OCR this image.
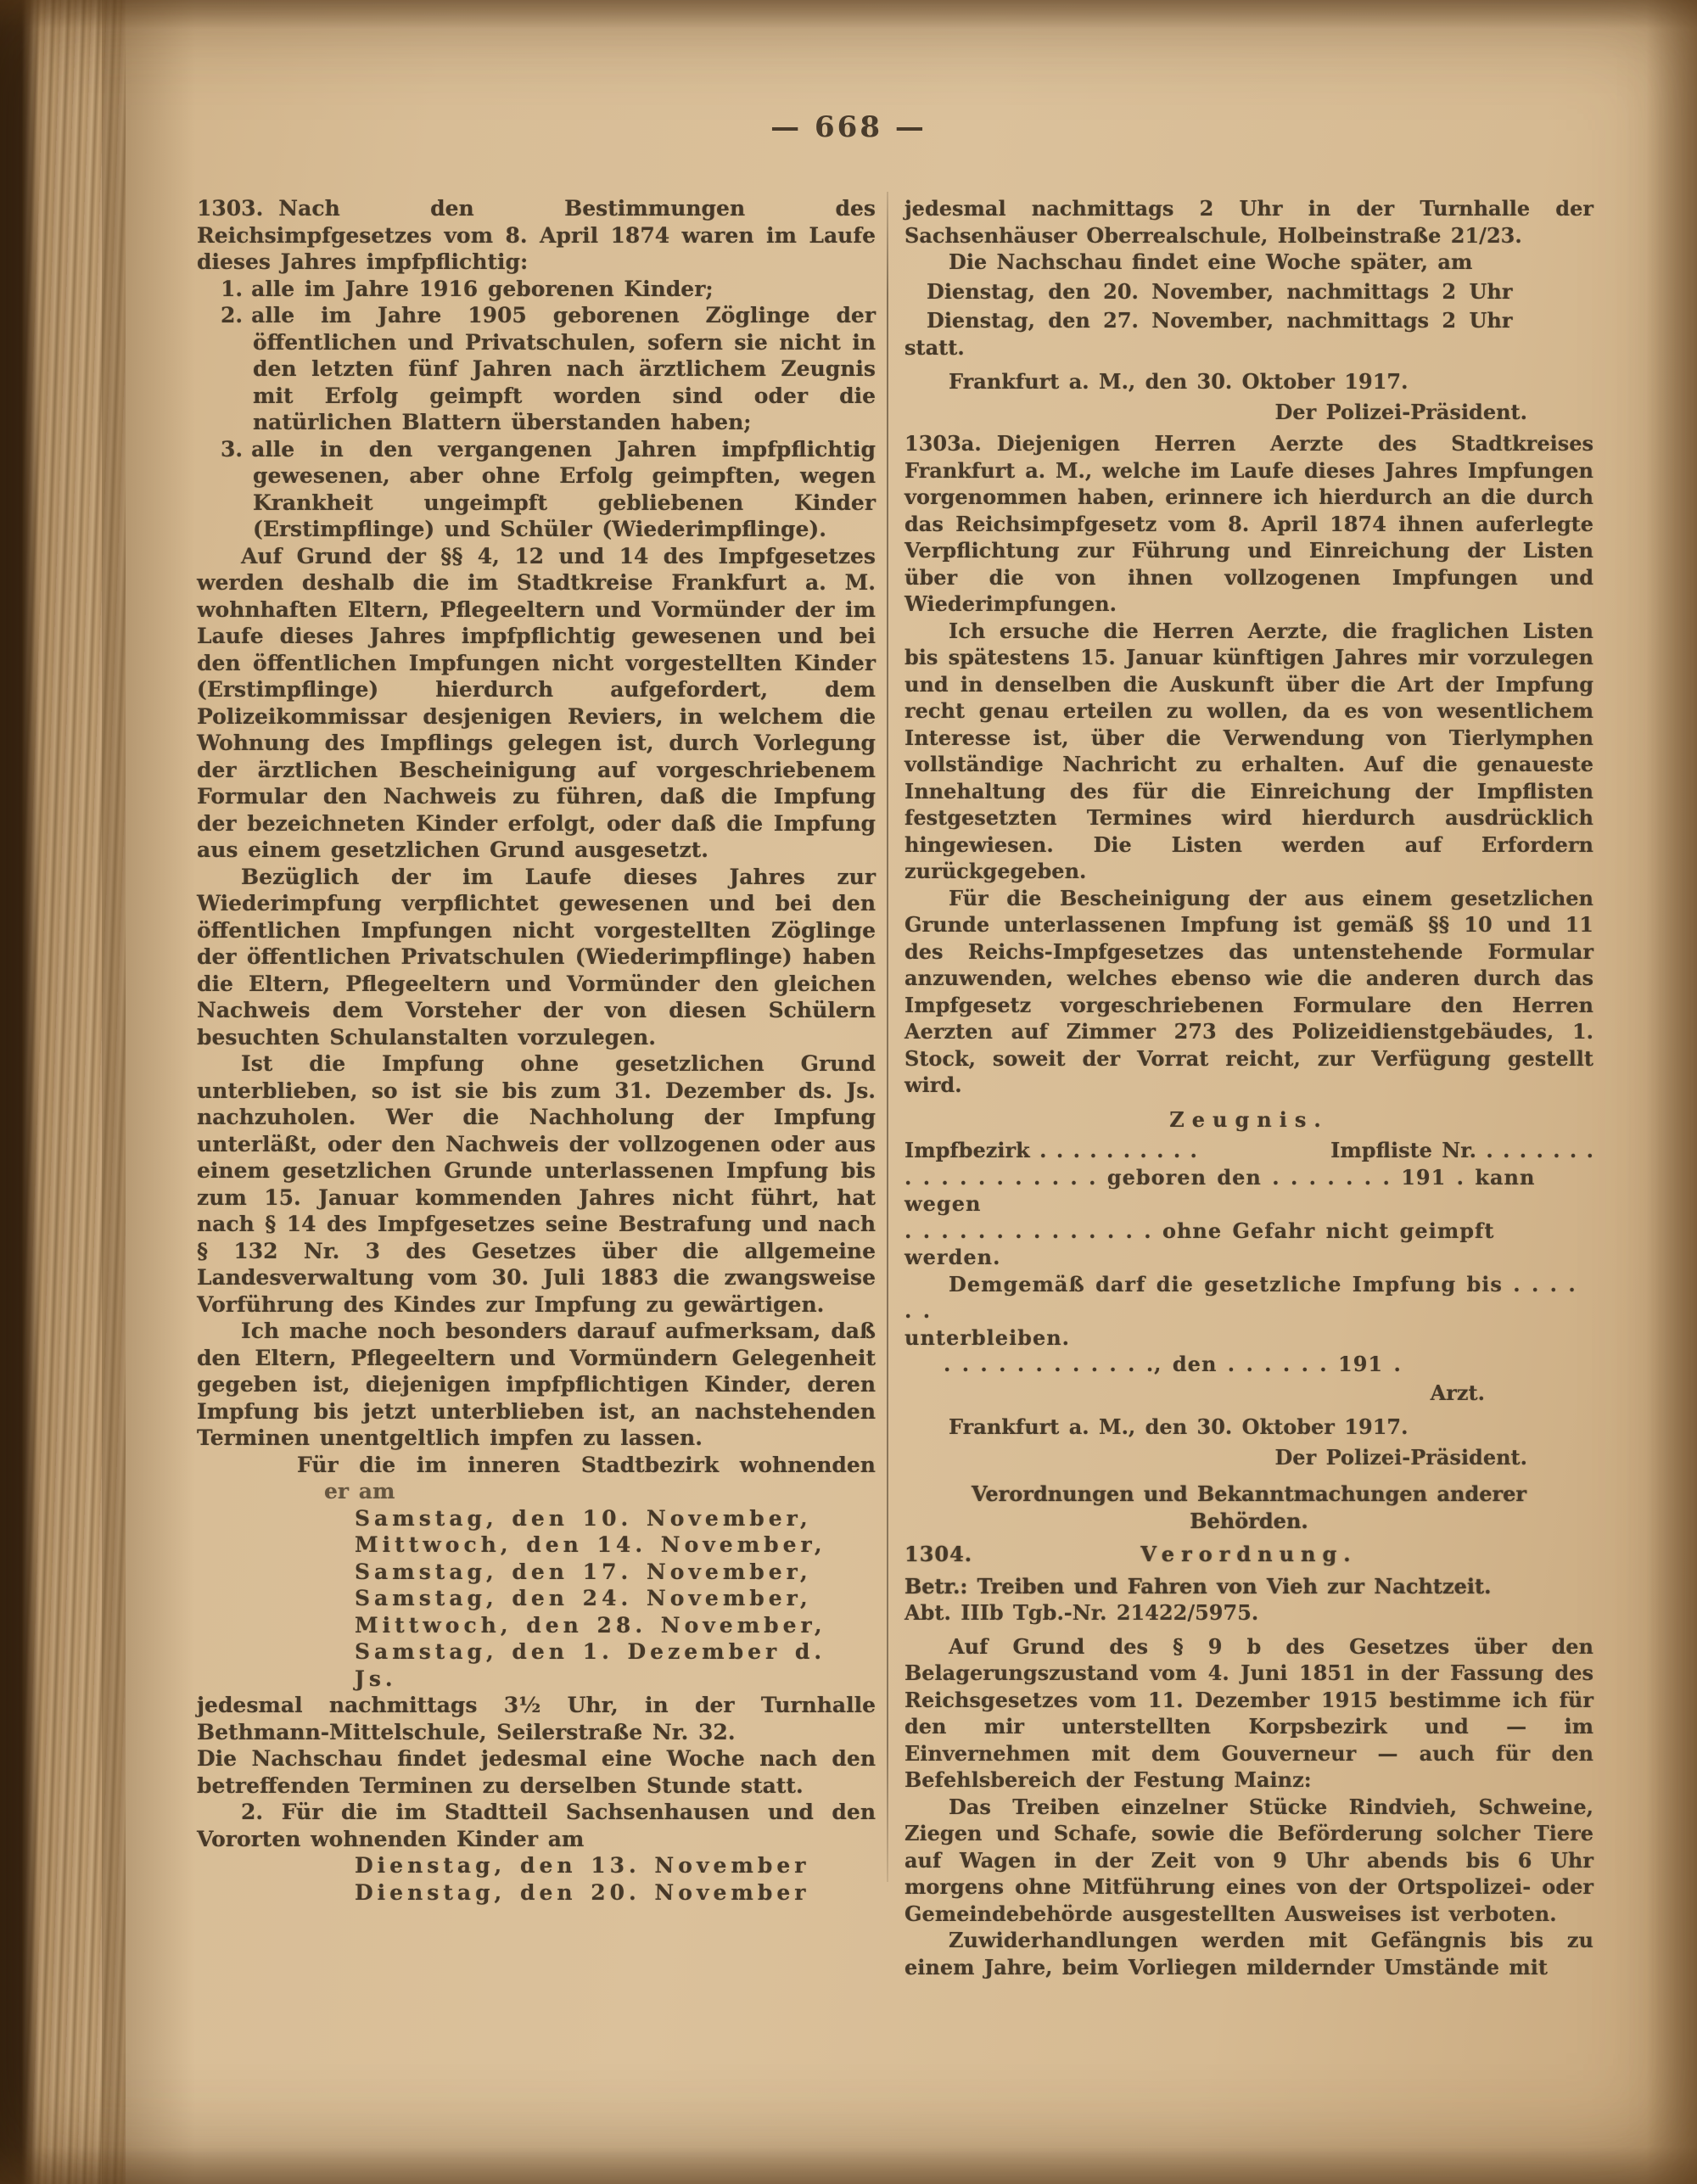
— 668 —

1303. Nach den Bestimmungen des Reichsimpfgesetzes vom 8. April 1874 waren im Laufe dieses Jahres impfpflichtig:

1. alle im Jahre 1916 geborenen Kinder;

2. alle im Jahre 1905 geborenen Zöglinge der öffentlichen und Privatschulen, sofern sie nicht in den letzten fünf Jahren nach ärztlichem Zeugnis mit Erfolg geimpft worden sind oder die natürlichen Blattern überstanden haben;

3. alle in den vergangenen Jahren impfpflichtig gewesenen, aber ohne Erfolg geimpften, wegen Krankheit ungeimpft gebliebenen Kinder (Erstimpflinge) und Schüler (Wiederimpflinge).

Auf Grund der §§ 4, 12 und 14 des Impfgesetzes werden deshalb die im Stadtkreise Frankfurt a. M. wohnhaften Eltern, Pflegeeltern und Vormünder der im Laufe dieses Jahres impfpflichtig gewesenen und bei den öffentlichen Impfungen nicht vorgestellten Kinder (Erstimpflinge) hierdurch aufgefordert, dem Polizeikommissar desjenigen Reviers, in welchem die Wohnung des Impflings gelegen ist, durch Vorlegung der ärztlichen Bescheinigung auf vorgeschriebenem Formular den Nachweis zu führen, daß die Impfung der bezeichneten Kinder erfolgt, oder daß die Impfung aus einem gesetzlichen Grund ausgesetzt.

Bezüglich der im Laufe dieses Jahres zur Wiederimpfung verpflichtet gewesenen und bei den öffentlichen Impfungen nicht vorgestellten Zöglinge der öffentlichen Privatschulen (Wiederimpflinge) haben die Eltern, Pflegeeltern und Vormünder den gleichen Nachweis dem Vorsteher der von diesen Schülern besuchten Schulanstalten vorzulegen.

Ist die Impfung ohne gesetzlichen Grund unterblieben, so ist sie bis zum 31. Dezember ds. Js. nachzuholen. Wer die Nachholung der Impfung unterläßt, oder den Nachweis der vollzogenen oder aus einem gesetzlichen Grunde unterlassenen Impfung bis zum 15. Januar kommenden Jahres nicht führt, hat nach § 14 des Impfgesetzes seine Bestrafung und nach § 132 Nr. 3 des Gesetzes über die allgemeine Landesverwaltung vom 30. Juli 1883 die zwangsweise Vorführung des Kindes zur Impfung zu gewärtigen.

Ich mache noch besonders darauf aufmerksam, daß den Eltern, Pflegeeltern und Vormündern Gelegenheit gegeben ist, diejenigen impfpflichtigen Kinder, deren Impfung bis jetzt unterblieben ist, an nachstehenden Terminen unentgeltlich impfen zu lassen.

Für die im inneren Stadtbezirk wohnenden

er am

Samstag, den 10. November,

Mittwoch, den 14. November,

Samstag, den 17. November,

Samstag, den 24. November,

Mittwoch, den 28. November,

Samstag, den 1. Dezember d. Js.

jedesmal nachmittags 3½ Uhr, in der Turnhalle Bethmann-Mittelschule, Seilerstraße Nr. 32.

Die Nachschau findet jedesmal eine Woche nach den betreffenden Terminen zu derselben Stunde statt.

2. Für die im Stadtteil Sachsenhausen und den Vororten wohnenden Kinder am

Dienstag, den 13. November

Dienstag, den 20. November

jedesmal nachmittags 2 Uhr in der Turnhalle der Sachsenhäuser Oberrealschule, Holbeinstraße 21/23.

Die Nachschau findet eine Woche später, am

Dienstag, den 20. November, nachmittags 2 Uhr

Dienstag, den 27. November, nachmittags 2 Uhr

statt.

Frankfurt a. M., den 30. Oktober 1917.

Der Polizei-Präsident.

1303a. Diejenigen Herren Aerzte des Stadtkreises Frankfurt a. M., welche im Laufe dieses Jahres Impfungen vorgenommen haben, erinnere ich hierdurch an die durch das Reichsimpfgesetz vom 8. April 1874 ihnen auferlegte Verpflichtung zur Führung und Einreichung der Listen über die von ihnen vollzogenen Impfungen und Wiederimpfungen.

Ich ersuche die Herren Aerzte, die fraglichen Listen bis spätestens 15. Januar künftigen Jahres mir vorzulegen und in denselben die Auskunft über die Art der Impfung recht genau erteilen zu wollen, da es von wesentlichem Interesse ist, über die Verwendung von Tierlymphen vollständige Nachricht zu erhalten. Auf die genaueste Innehaltung des für die Einreichung der Impflisten festgesetzten Termines wird hierdurch ausdrücklich hingewiesen. Die Listen werden auf Erfordern zurückgegeben.

Für die Bescheinigung der aus einem gesetzlichen Grunde unterlassenen Impfung ist gemäß §§ 10 und 11 des Reichs-Impfgesetzes das untenstehende Formular anzuwenden, welches ebenso wie die anderen durch das Impfgesetz vorgeschriebenen Formulare den Herren Aerzten auf Zimmer 273 des Polizeidienstgebäudes, 1. Stock, soweit der Vorrat reicht, zur Verfügung gestellt wird.

Zeugnis.

Impfbezirk . . . . . . . . . .	Impfliste Nr. . . . . . . .

. . . . . . . . . . . geboren den . . . . . . . 191 . kann wegen

. . . . . . . . . . . . . . ohne Gefahr nicht geimpft werden.

Demgemäß darf die gesetzliche Impfung bis . . . . . .

unterbleiben.

. . . . . . . . . . . ., den . . . . . . 191 .

Arzt.

Frankfurt a. M., den 30. Oktober 1917.

Der Polizei-Präsident.

Verordnungen und Bekanntmachungen anderer Behörden.

1304.	Verordnung.

Betr.: Treiben und Fahren von Vieh zur Nachtzeit.

Abt. IIIb Tgb.-Nr. 21422/5975.

Auf Grund des § 9 b des Gesetzes über den Belagerungszustand vom 4. Juni 1851 in der Fassung des Reichsgesetzes vom 11. Dezember 1915 bestimme ich für den mir unterstellten Korpsbezirk und — im Einvernehmen mit dem Gouverneur — auch für den Befehlsbereich der Festung Mainz:

Das Treiben einzelner Stücke Rindvieh, Schweine, Ziegen und Schafe, sowie die Beförderung solcher Tiere auf Wagen in der Zeit von 9 Uhr abends bis 6 Uhr morgens ohne Mitführung eines von der Ortspolizei- oder Gemeindebehörde ausgestellten Ausweises ist verboten.

Zuwiderhandlungen werden mit Gefängnis bis zu einem Jahre, beim Vorliegen mildernder Umstände mit
